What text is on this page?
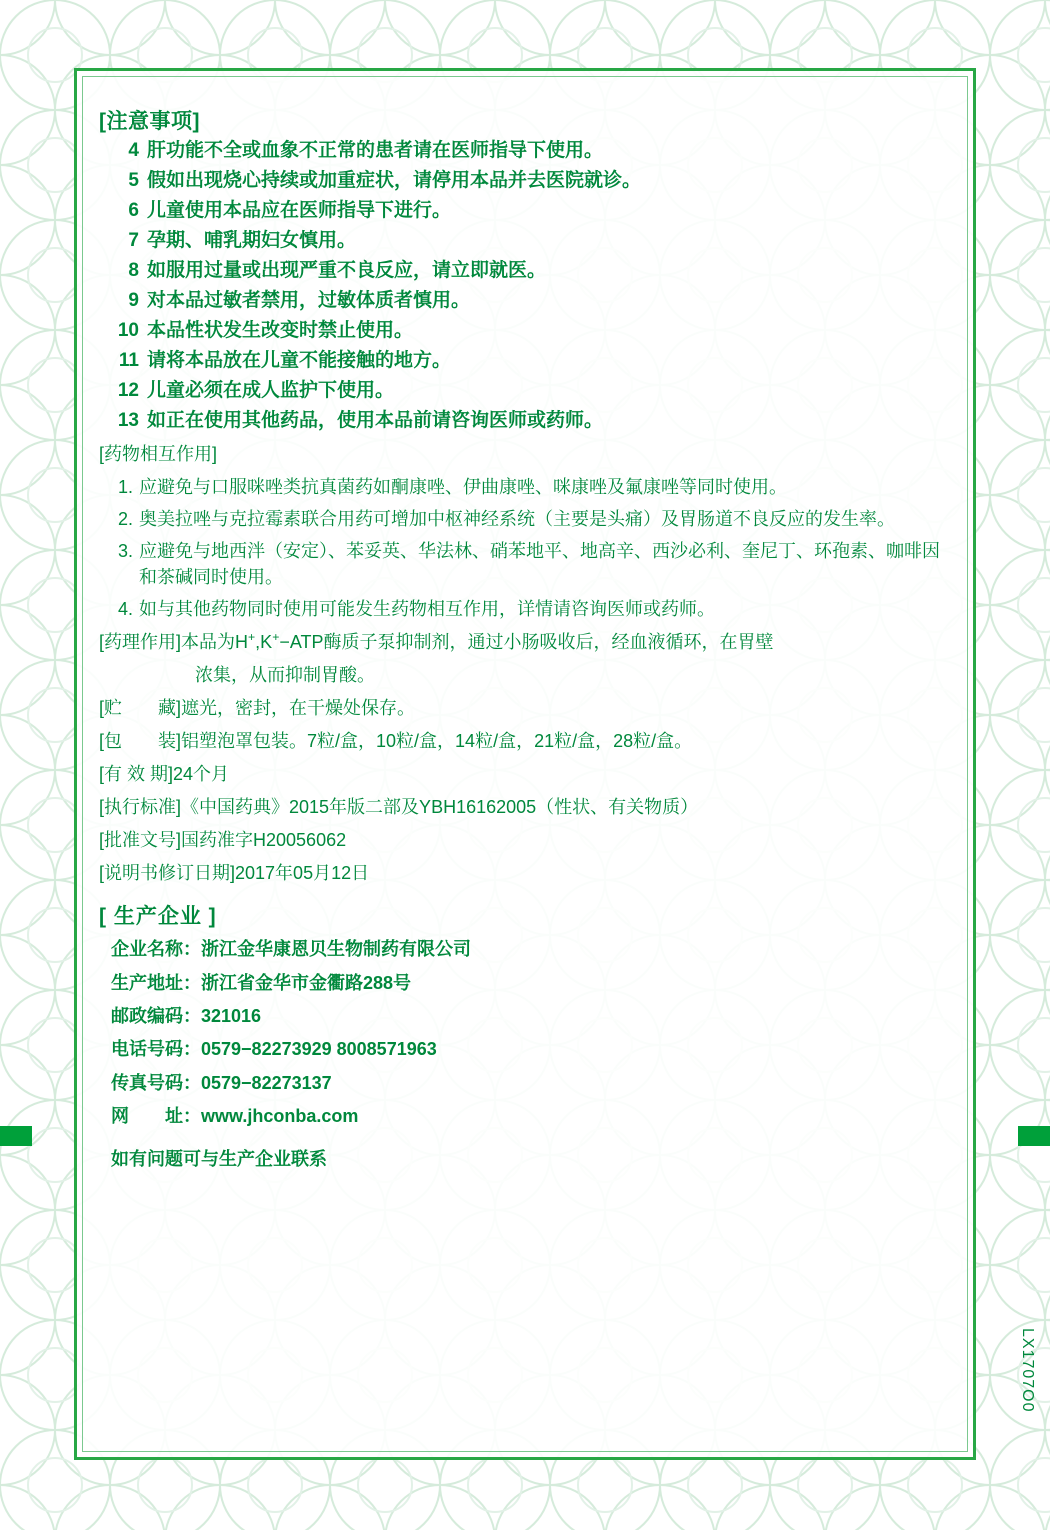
[注意事项]
4 肝功能不全或血象不正常的患者请在医师指导下使用。
5 假如出现烧心持续或加重症状，请停用本品并去医院就诊。
6 儿童使用本品应在医师指导下进行。
7 孕期、哺乳期妇女慎用。
8 如服用过量或出现严重不良反应，请立即就医。
9 对本品过敏者禁用，过敏体质者慎用。
10 本品性状发生改变时禁止使用。
11 请将本品放在儿童不能接触的地方。
12 儿童必须在成人监护下使用。
13 如正在使用其他药品，使用本品前请咨询医师或药师。
[药物相互作用]
1. 应避免与口服咪唑类抗真菌药如酮康唑、伊曲康唑、咪康唑及氟康唑等同时使用。
2. 奥美拉唑与克拉霉素联合用药可增加中枢神经系统（主要是头痛）及胃肠道不良反应的发生率。
3. 应避免与地西泮（安定）、苯妥英、华法林、硝苯地平、地高辛、西沙必利、奎尼丁、环孢素、咖啡因和茶碱同时使用。
4. 如与其他药物同时使用可能发生药物相互作用，详情请咨询医师或药师。
[药理作用] 本品为H+,K+−ATP酶质子泵抑制剂，通过小肠吸收后，经血液循环，在胃壁
浓集，从而抑制胃酸。
[贮　　藏] 遮光，密封，在干燥处保存。
[包　　装] 铝塑泡罩包装。7粒/盒，10粒/盒，14粒/盒，21粒/盒，28粒/盒。
[有 效 期] 24个月
[执行标准] 《中国药典》2015年版二部及YBH16162005（性状、有关物质）
[批准文号] 国药准字H20056062
[说明书修订日期] 2017年05月12日
[ 生产企业 ]
企业名称： 浙江金华康恩贝生物制药有限公司
生产地址： 浙江省金华市金衢路288号
邮政编码： 321016
电话号码： 0579−82273929 8008571963
传真号码： 0579−82273137
网　　址： www.jhconba.com
如有问题可与生产企业联系
LX1707O0
